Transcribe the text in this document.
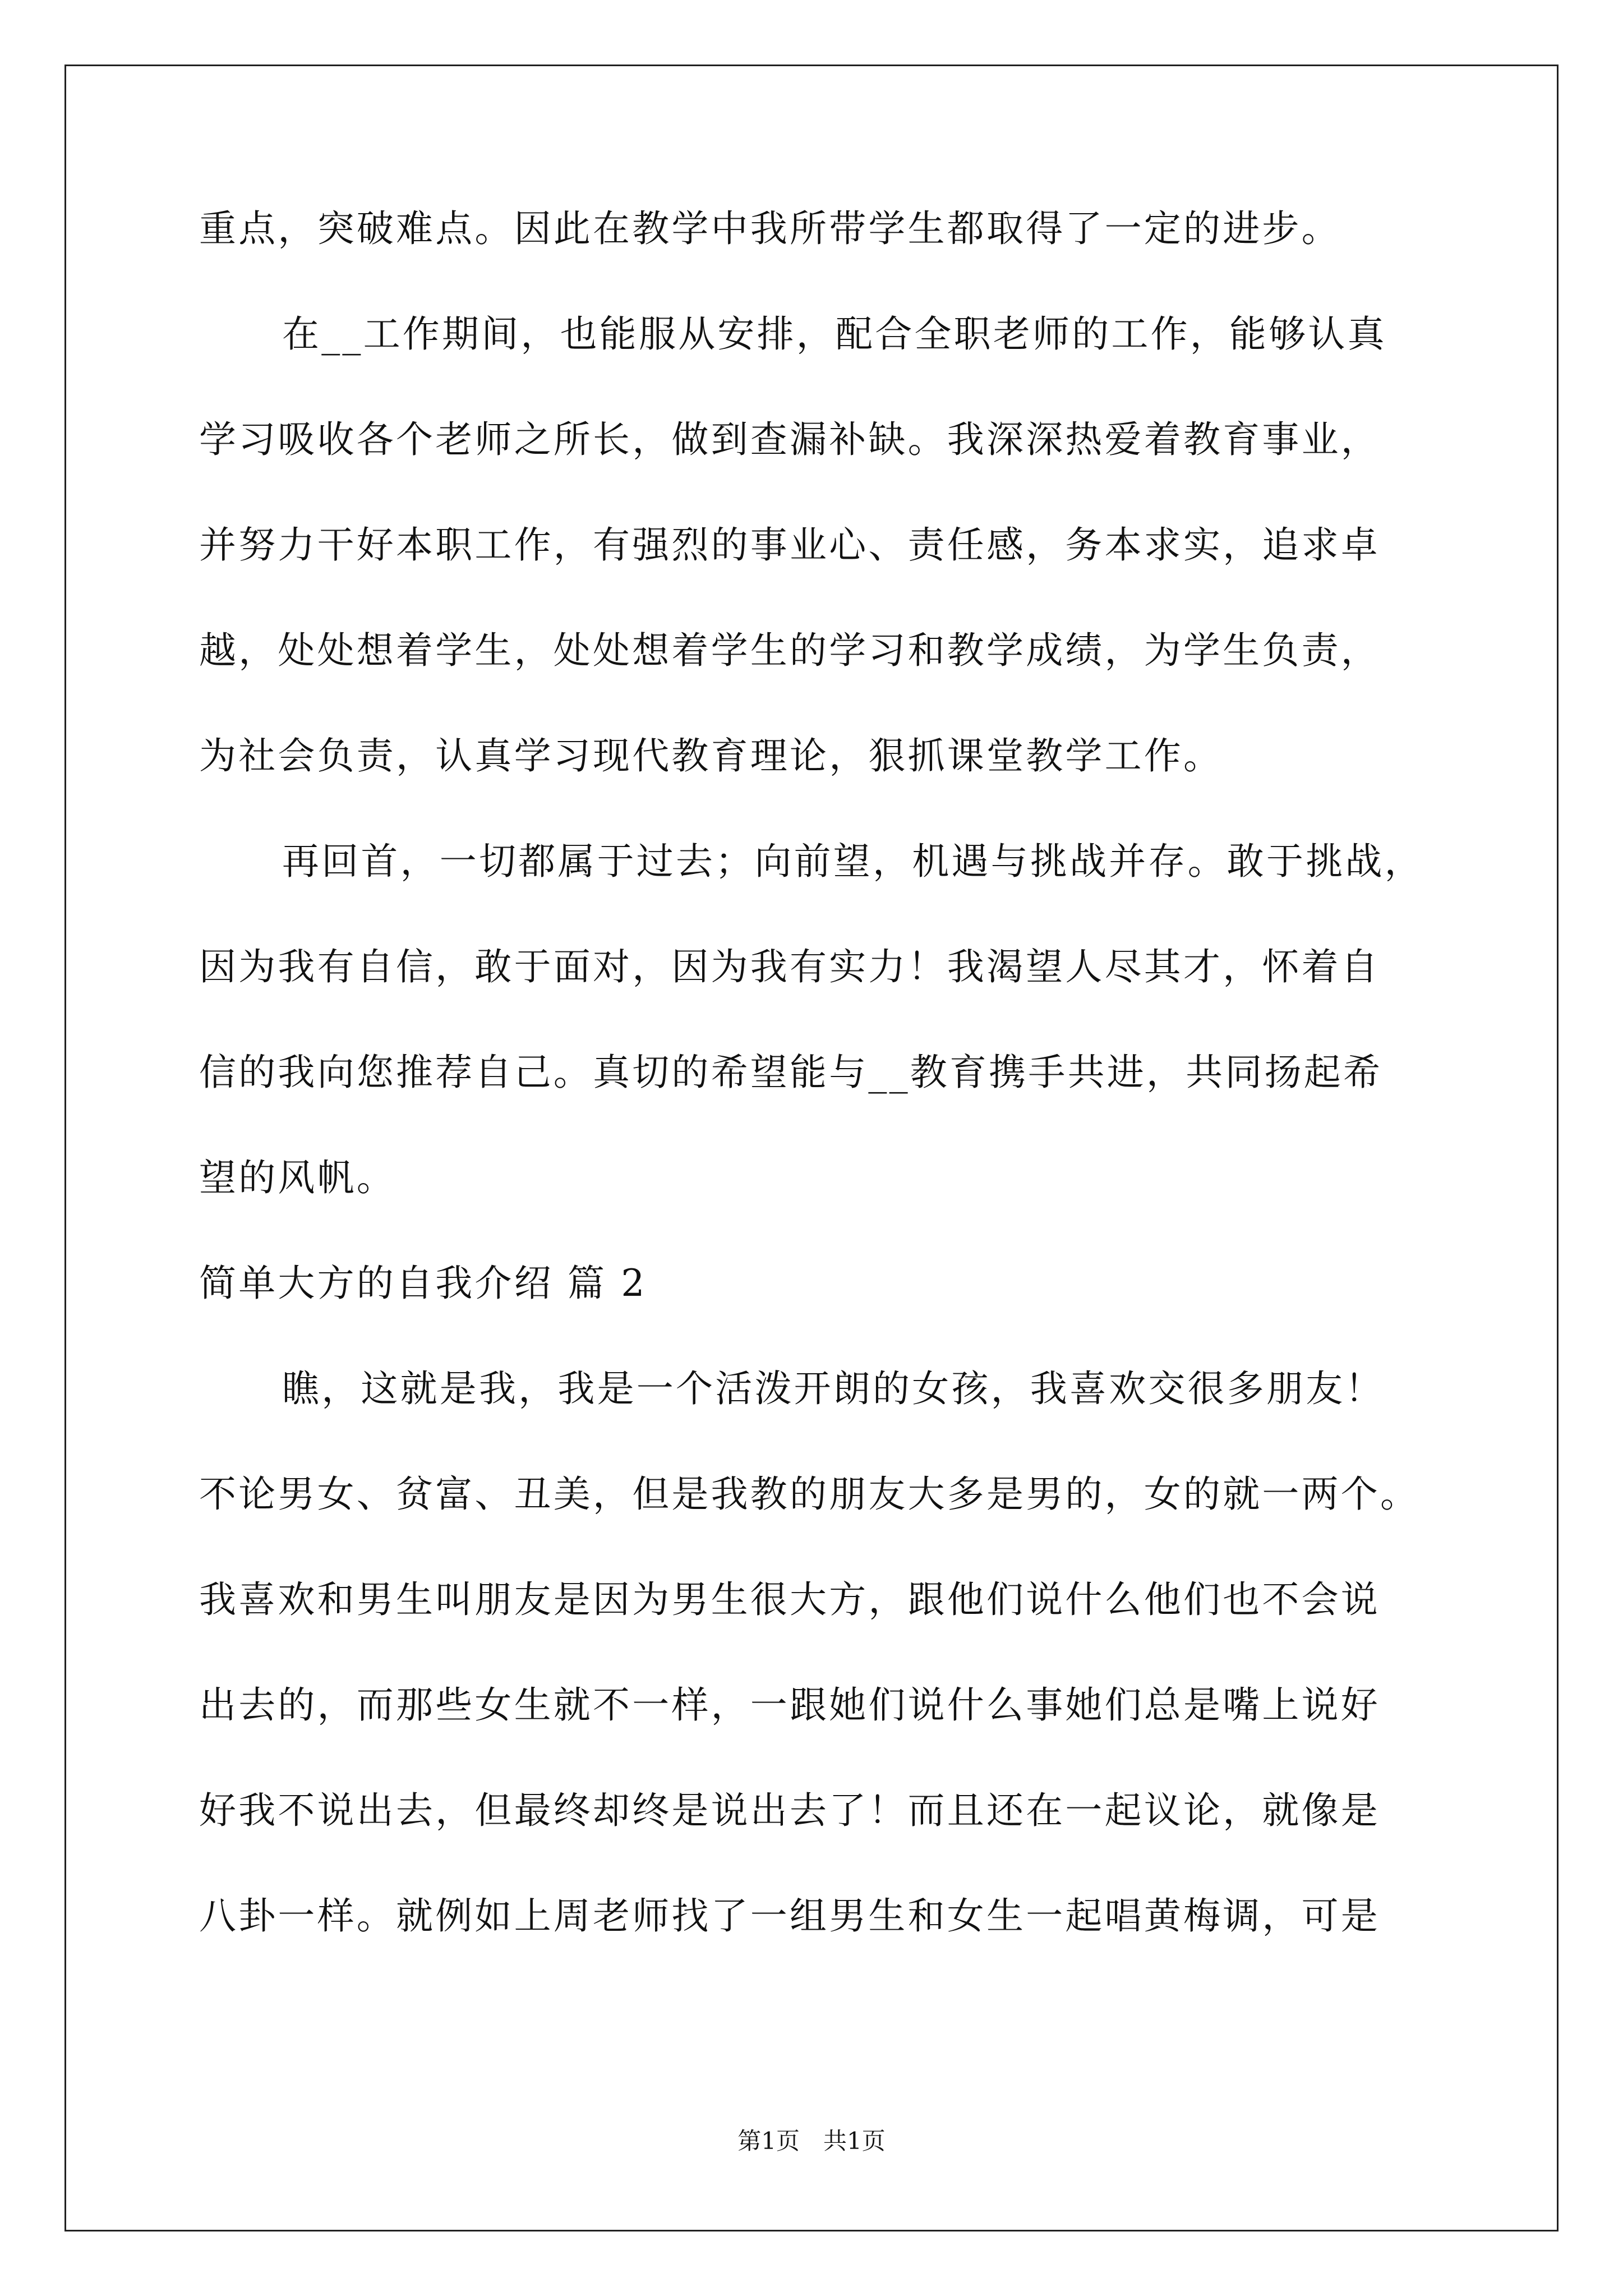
重点，突破难点。因此在教学中我所带学生都取得了一定的进步。
在__工作期间，也能服从安排，配合全职老师的工作，能够认真
学习吸收各个老师之所长，做到查漏补缺。我深深热爱着教育事业，
并努力干好本职工作，有强烈的事业心、责任感，务本求实，追求卓
越，处处想着学生，处处想着学生的学习和教学成绩，为学生负责，
为社会负责，认真学习现代教育理论，狠抓课堂教学工作。
再回首，一切都属于过去；向前望，机遇与挑战并存。敢于挑战，
因为我有自信，敢于面对，因为我有实力！我渴望人尽其才，怀着自
信的我向您推荐自己。真切的希望能与__教育携手共进，共同扬起希
望的风帆。
简单大方的自我介绍 篇 2
瞧，这就是我，我是一个活泼开朗的女孩，我喜欢交很多朋友！
不论男女、贫富、丑美，但是我教的朋友大多是男的，女的就一两个。
我喜欢和男生叫朋友是因为男生很大方，跟他们说什么他们也不会说
出去的，而那些女生就不一样，一跟她们说什么事她们总是嘴上说好
好我不说出去，但最终却终是说出去了！而且还在一起议论，就像是
八卦一样。就例如上周老师找了一组男生和女生一起唱黄梅调，可是
第1页　共1页
